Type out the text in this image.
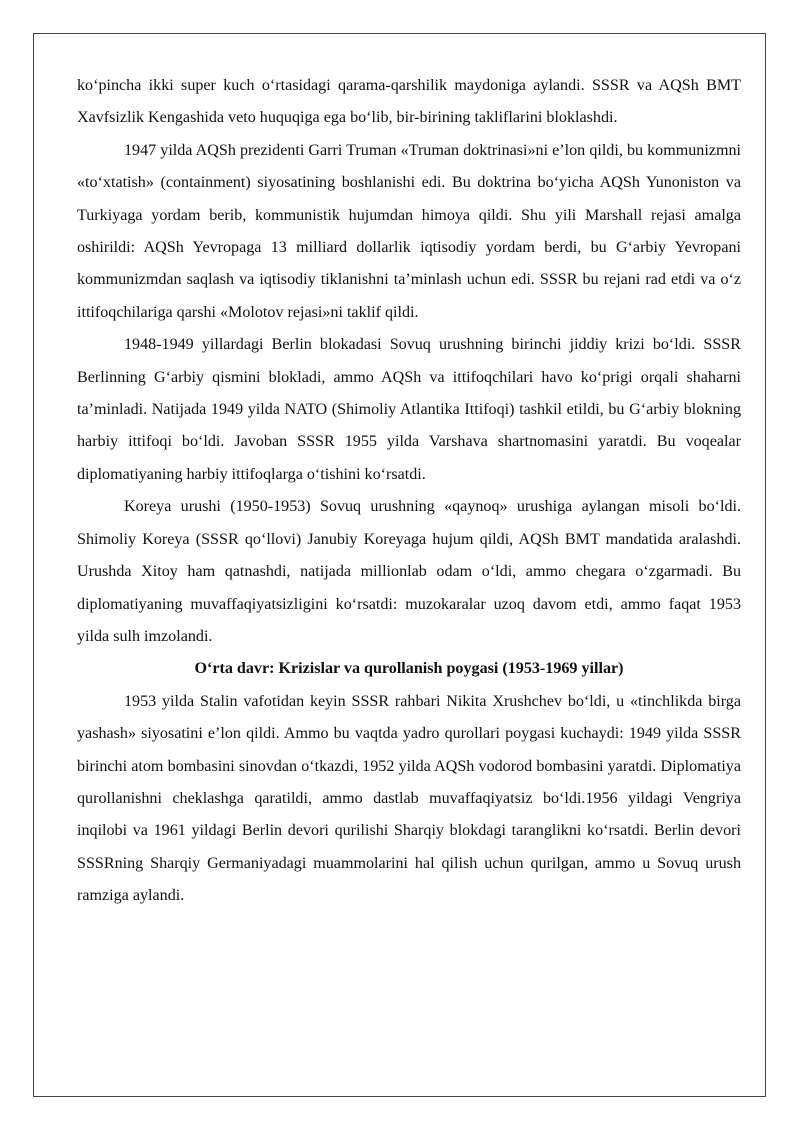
koʻpincha ikki super kuch oʻrtasidagi qarama-qarshilik maydoniga aylandi. SSSR va AQSh BMT Xavfsizlik Kengashida veto huquqiga ega boʻlib, bir-birining takliflarini bloklashdi.

1947 yilda AQSh prezidenti Garri Truman «Truman doktrinasi»ni eʼlon qildi, bu kommunizmni «toʻxtatish» (containment) siyosatining boshlanishi edi. Bu doktrina boʻyicha AQSh Yunoniston va Turkiyaga yordam berib, kommunistik hujumdan himoya qildi. Shu yili Marshall rejasi amalga oshirildi: AQSh Yevropaga 13 milliard dollarlik iqtisodiy yordam berdi, bu Gʻarbiy Yevropani kommunizmdan saqlash va iqtisodiy tiklanishni taʼminlash uchun edi. SSSR bu rejani rad etdi va oʻz ittifoqchilariga qarshi «Molotov rejasi»ni taklif qildi.

1948-1949 yillardagi Berlin blokadasi Sovuq urushning birinchi jiddiy krizi boʻldi. SSSR Berlinning Gʻarbiy qismini blokladi, ammo AQSh va ittifoqchilari havo koʻprigi orqali shaharni taʼminladi. Natijada 1949 yilda NATO (Shimoliy Atlantika Ittifoqi) tashkil etildi, bu Gʻarbiy blokning harbiy ittifoqi boʻldi. Javoban SSSR 1955 yilda Varshava shartnomasini yaratdi. Bu voqealar diplomatiyaning harbiy ittifoqlarga oʻtishini koʻrsatdi.

Koreya urushi (1950-1953) Sovuq urushning «qaynoq» urushiga aylangan misoli boʻldi. Shimoliy Koreya (SSSR qoʻllovi) Janubiy Koreyaga hujum qildi, AQSh BMT mandatida aralashdi. Urushda Xitoy ham qatnashdi, natijada millionlab odam oʻldi, ammo chegara oʻzgarmadi. Bu diplomatiyaning muvaffaqiyatsizligini koʻrsatdi: muzokaralar uzoq davom etdi, ammo faqat 1953 yilda sulh imzolandi.

Oʻrta davr: Krizislar va qurollanish poygasi (1953-1969 yillar)

1953 yilda Stalin vafotidan keyin SSSR rahbari Nikita Xrushchev boʻldi, u «tinchlikda birga yashash» siyosatini eʼlon qildi. Ammo bu vaqtda yadro qurollari poygasi kuchaydi: 1949 yilda SSSR birinchi atom bombasini sinovdan oʻtkazdi, 1952 yilda AQSh vodorod bombasini yaratdi. Diplomatiya qurollanishni cheklashga qaratildi, ammo dastlab muvaffaqiyatsiz boʻldi.1956 yildagi Vengriya inqilobi va 1961 yildagi Berlin devori qurilishi Sharqiy blokdagi taranglikni koʻrsatdi. Berlin devori SSSRning Sharqiy Germaniyadagi muammolarini hal qilish uchun qurilgan, ammo u Sovuq urush ramziga aylandi.
